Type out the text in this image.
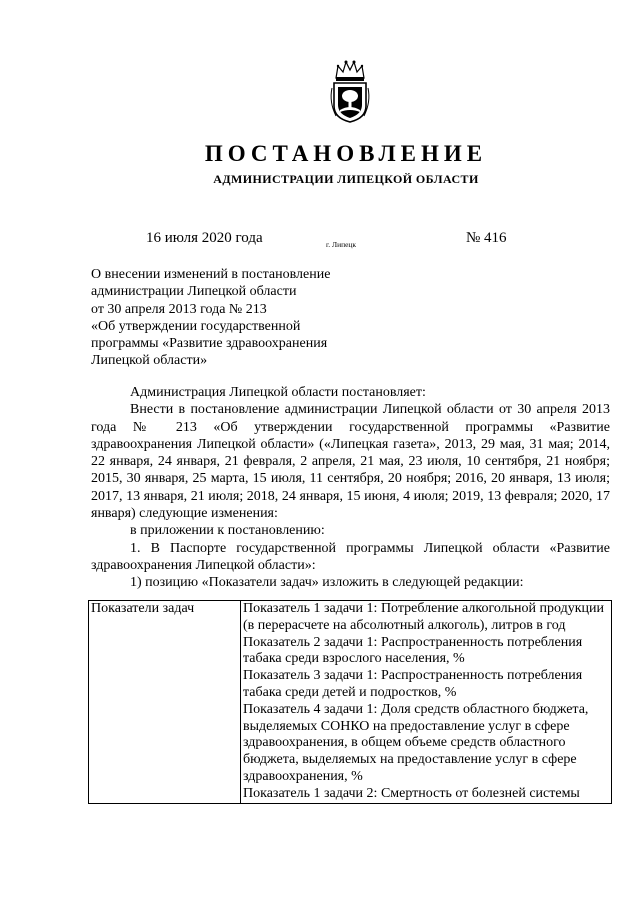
ПОСТАНОВЛЕНИЕ
АДМИНИСТРАЦИИ ЛИПЕЦКОЙ ОБЛАСТИ
16 июля 2020 года	г. Липецк	№ 416
О внесении изменений в постановление
администрации Липецкой области
от 30 апреля 2013 года № 213
«Об утверждении государственной
программы «Развитие здравоохранения
Липецкой области»

Администрация Липецкой области постановляет:

Внести в постановление администрации Липецкой области от 30 апреля 2013 года № 213 «Об утверждении государственной программы «Развитие здравоохранения Липецкой области» («Липецкая газета», 2013, 29 мая, 31 мая; 2014, 22 января, 24 января, 21 февраля, 2 апреля, 21 мая, 23 июля, 10 сентября, 21 ноября; 2015, 30 января, 25 марта, 15 июля, 11 сентября, 20 ноября; 2016, 20 января, 13 июля; 2017, 13 января, 21 июля; 2018, 24 января, 15 июня, 4 июля; 2019, 13 февраля; 2020, 17 января) следующие изменения:

в приложении к постановлению:

1. В Паспорте государственной программы Липецкой области «Развитие здравоохранения Липецкой области»:

1) позицию «Показатели задач» изложить в следующей редакции:

Показатели задач	Показатель 1 задачи 1: Потребление алкогольной продукции (в перерасчете на абсолютный алкоголь), литров в год
Показатель 2 задачи 1: Распространенность потребления табака среди взрослого населения, %
Показатель 3 задачи 1: Распространенность потребления табака среди детей и подростков, %
Показатель 4 задачи 1: Доля средств областного бюджета, выделяемых СОНКО на предоставление услуг в сфере здравоохранения, в общем объеме средств областного бюджета, выделяемых на предоставление услуг в сфере здравоохранения, %
Показатель 1 задачи 2: Смертность от болезней системы
